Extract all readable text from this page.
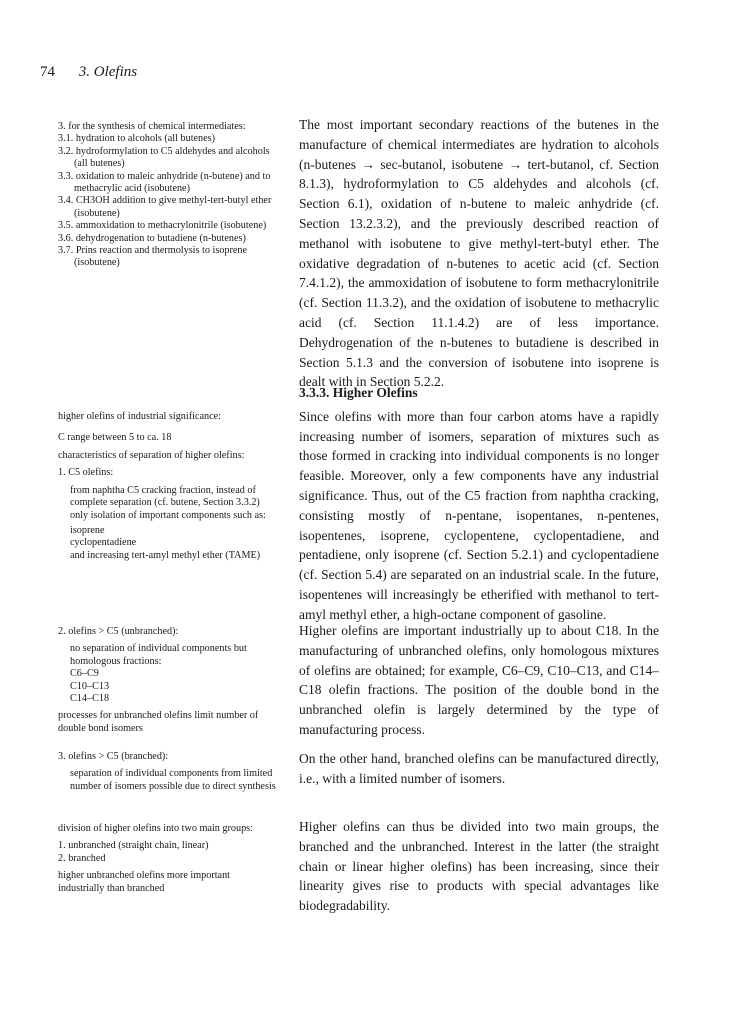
74 3. Olefins

3. for the synthesis of chemical intermediates:

3.1. hydration to alcohols (all butenes)

3.2. hydroformylation to C5 aldehydes and alcohols (all butenes)

3.3. oxidation to maleic anhydride (n-butene) and to methacrylic acid (isobutene)

3.4. CH3OH addition to give methyl-tert-butyl ether (isobutene)

3.5. ammoxidation to methacrylonitrile (isobutene)

3.6. dehydrogenation to butadiene (n-butenes)

3.7. Prins reaction and thermolysis to isoprene (isobutene)

higher olefins of industrial significance:

C range between 5 to ca. 18

characteristics of separation of higher olefins:

1. C5 olefins:

from naphtha C5 cracking fraction, instead of complete separation (cf. butene, Section 3.3.2) only isolation of important components such as:

isoprene

cyclopentadiene

and increasing tert-amyl methyl ether (TAME)

2. olefins > C5 (unbranched):

no separation of individual components but homologous fractions:

C6–C9

C10–C13

C14–C18

processes for unbranched olefins limit number of double bond isomers

3. olefins > C5 (branched):

separation of individual components from limited number of isomers possible due to direct synthesis

division of higher olefins into two main groups:

1. unbranched (straight chain, linear)

2. branched

higher unbranched olefins more important industrially than branched

The most important secondary reactions of the butenes in the manufacture of chemical intermediates are hydration to alcohols (n-butenes → sec-butanol, isobutene → tert-butanol, cf. Section 8.1.3), hydroformylation to C5 aldehydes and alcohols (cf. Section 6.1), oxidation of n-butene to maleic anhydride (cf. Section 13.2.3.2), and the previously described reaction of methanol with isobutene to give methyl-tert-butyl ether. The oxidative degradation of n-butenes to acetic acid (cf. Section 7.4.1.2), the ammoxidation of isobutene to form methacrylonitrile (cf. Section 11.3.2), and the oxidation of isobutene to methacrylic acid (cf. Section 11.1.4.2) are of less importance. Dehydrogenation of the n-butenes to butadiene is described in Section 5.1.3 and the conversion of isobutene into isoprene is dealt with in Section 5.2.2.

3.3.3. Higher Olefins

Since olefins with more than four carbon atoms have a rapidly increasing number of isomers, separation of mixtures such as those formed in cracking into individual components is no longer feasible. Moreover, only a few components have any industrial significance. Thus, out of the C5 fraction from naphtha cracking, consisting mostly of n-pentane, isopentanes, n-pentenes, isopentenes, isoprene, cyclopentene, cyclopentadiene, and pentadiene, only isoprene (cf. Section 5.2.1) and cyclopentadiene (cf. Section 5.4) are separated on an industrial scale. In the future, isopentenes will increasingly be etherified with methanol to tert-amyl methyl ether, a high-octane component of gasoline.

Higher olefins are important industrially up to about C18. In the manufacturing of unbranched olefins, only homologous mixtures of olefins are obtained; for example, C6–C9, C10–C13, and C14–C18 olefin fractions. The position of the double bond in the unbranched olefin is largely determined by the type of manufacturing process.

On the other hand, branched olefins can be manufactured directly, i.e., with a limited number of isomers.

Higher olefins can thus be divided into two main groups, the branched and the unbranched. Interest in the latter (the straight chain or linear higher olefins) has been increasing, since their linearity gives rise to products with special advantages like biodegradability.
